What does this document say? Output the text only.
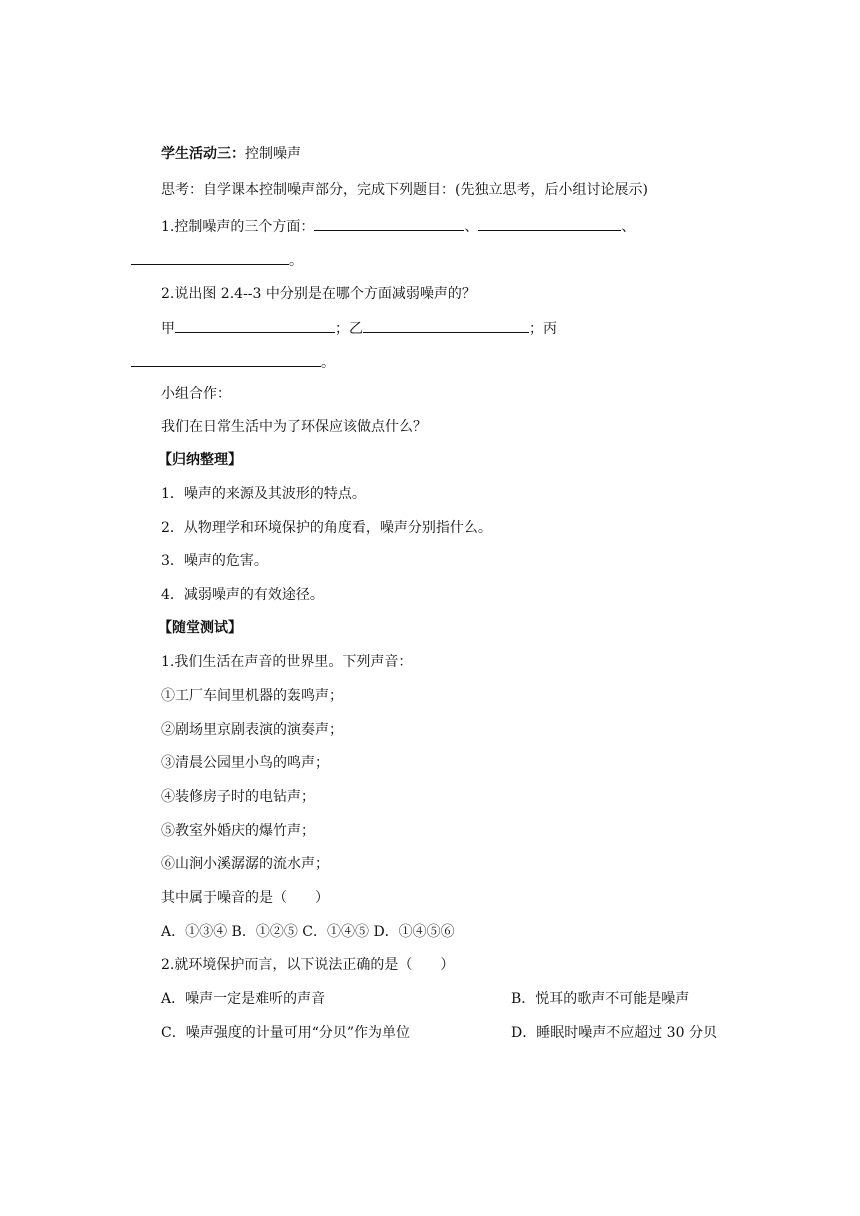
学生活动三：控制噪声
思考：自学课本控制噪声部分，完成下列题目：(先独立思考，后小组讨论展示)
1.控制噪声的三个方面：	、	、
。
2.说出图 2.4--3 中分别是在哪个方面减弱噪声的？
甲	；乙	；丙
。
小组合作：
我们在日常生活中为了环保应该做点什么？
【归纳整理】
1．噪声的来源及其波形的特点。
2．从物理学和环境保护的角度看，噪声分别指什么。
3．噪声的危害。
4．减弱噪声的有效途径。
【随堂测试】
1.我们生活在声音的世界里。下列声音：
①工厂车间里机器的轰鸣声；
②剧场里京剧表演的演奏声；
③清晨公园里小鸟的鸣声；
④装修房子时的电钻声；
⑤教室外婚庆的爆竹声；
⑥山涧小溪潺潺的流水声；
其中属于噪音的是（　　）
A．①③④ B．①②⑤ C．①④⑤ D．①④⑤⑥
2.就环境保护而言，以下说法正确的是（　　）
A．噪声一定是难听的声音	B．悦耳的歌声不可能是噪声
C．噪声强度的计量可用“分贝”作为单位	D．睡眠时噪声不应超过 30 分贝
